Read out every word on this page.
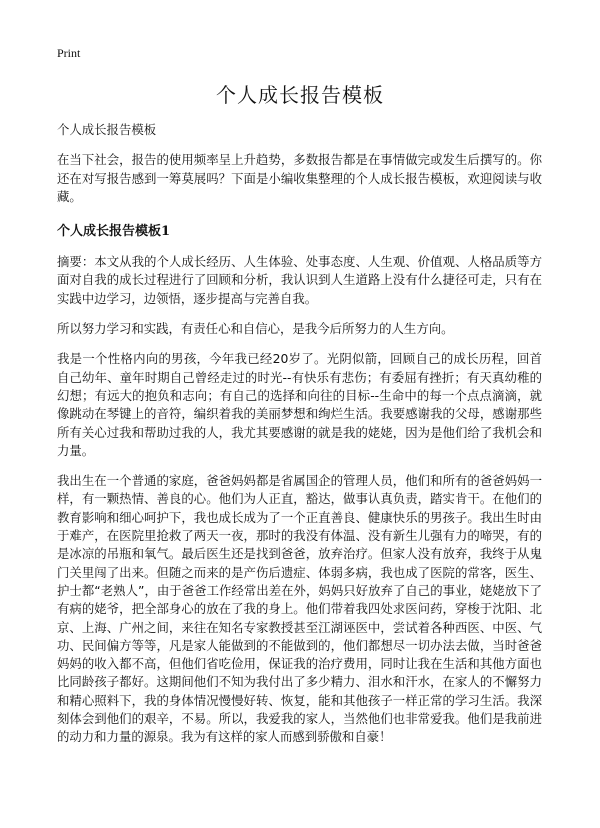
Print
个人成长报告模板

个人成长报告模板

在当下社会，报告的使用频率呈上升趋势，多数报告都是在事情做完或发生后撰写的。你还在对写报告感到一筹莫展吗？下面是小编收集整理的个人成长报告模板，欢迎阅读与收藏。

个人成长报告模板1

摘要：本文从我的个人成长经历、人生体验、处事态度、人生观、价值观、人格品质等方面对自我的成长过程进行了回顾和分析，我认识到人生道路上没有什么捷径可走，只有在实践中边学习，边领悟，逐步提高与完善自我。

所以努力学习和实践，有责任心和自信心，是我今后所努力的人生方向。

我是一个性格内向的男孩，今年我已经20岁了。光阴似箭，回顾自己的成长历程，回首自己幼年、童年时期自己曾经走过的时光--有快乐有悲伤；有委屈有挫折；有天真幼稚的幻想；有远大的抱负和志向；有自己的选择和向往的目标--生命中的每一个点点滴滴，就像跳动在琴键上的音符，编织着我的美丽梦想和绚烂生活。我要感谢我的父母，感谢那些所有关心过我和帮助过我的人，我尤其要感谢的就是我的姥姥，因为是他们给了我机会和力量。

我出生在一个普通的家庭，爸爸妈妈都是省属国企的管理人员，他们和所有的爸爸妈妈一样，有一颗热情、善良的心。他们为人正直，豁达，做事认真负责，踏实肯干。在他们的教育影响和细心呵护下，我也成长成为了一个正直善良、健康快乐的男孩子。我出生时由于难产，在医院里抢救了两天一夜，那时的我没有体温、没有新生儿强有力的啼哭，有的是冰凉的吊瓶和氧气。最后医生还是找到爸爸，放弃治疗。但家人没有放弃，我终于从鬼门关里闯了出来。但随之而来的是产伤后遗症、体弱多病，我也成了医院的常客，医生、护士都“老熟人”，由于爸爸工作经常出差在外，妈妈只好放弃了自己的事业，姥姥放下了有病的姥爷，把全部身心的放在了我的身上。他们带着我四处求医问药，穿梭于沈阳、北京、上海、广州之间，来往在知名专家教授甚至江湖诬医中，尝试着各种西医、中医、气功、民间偏方等等，凡是家人能做到的不能做到的，他们都想尽一切办法去做，当时爸爸妈妈的收入都不高，但他们省吃俭用，保证我的治疗费用，同时让我在生活和其他方面也比同龄孩子都好。这期间他们不知为我付出了多少精力、泪水和汗水，在家人的不懈努力和精心照料下，我的身体情况慢慢好转、恢复，能和其他孩子一样正常的学习生活。我深刻体会到他们的艰辛，不易。所以，我爱我的家人，当然他们也非常爱我。他们是我前进的动力和力量的源泉。我为有这样的家人而感到骄傲和自豪！
